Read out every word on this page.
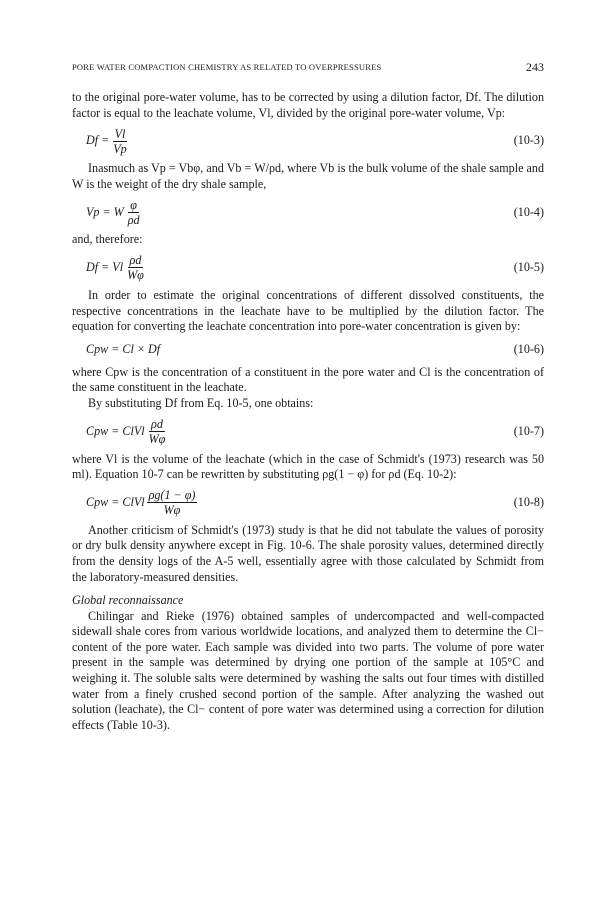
PORE WATER COMPACTION CHEMISTRY AS RELATED TO OVERPRESSURES	243

to the original pore-water volume, has to be corrected by using a dilution factor, Df. The dilution factor is equal to the leachate volume, Vl, divided by the original pore-water volume, Vp:

$Df = \frac{Vl}{Vp}$	(10-3)

Inasmuch as Vp = Vbφ, and Vb = W/ρd, where Vb is the bulk volume of the shale sample and W is the weight of the dry shale sample,

Vp = W $\frac{\varphi}{\rho d}$	(10-4)

and, therefore:

Df = Vl $\frac{\rho d}{W\varphi}$	(10-5)

In order to estimate the original concentrations of different dissolved constituents, the respective concentrations in the leachate have to be multiplied by the dilution factor. The equation for converting the leachate concentration into pore-water concentration is given by:

Cpw = Cl × Df	(10-6)

where Cpw is the concentration of a constituent in the pore water and Cl is the concentration of the same constituent in the leachate.

By substituting Df from Eq. 10-5, one obtains:

Cpw = ClVl $\frac{\rho d}{W\varphi}$	(10-7)

where Vl is the volume of the leachate (which in the case of Schmidt's (1973) research was 50 ml). Equation 10-7 can be rewritten by substituting ρg(1 − φ) for ρd (Eq. 10-2):

Cpw = ClVl $\frac{\rho g(1 - \varphi)}{W\varphi}$	(10-8)

Another criticism of Schmidt's (1973) study is that he did not tabulate the values of porosity or dry bulk density anywhere except in Fig. 10-6. The shale porosity values, determined directly from the density logs of the A-5 well, essentially agree with those calculated by Schmidt from the laboratory-measured densities.

Global reconnaissance

Chilingar and Rieke (1976) obtained samples of undercompacted and well-compacted sidewall shale cores from various worldwide locations, and analyzed them to determine the Cl− content of the pore water. Each sample was divided into two parts. The volume of pore water present in the sample was determined by drying one portion of the sample at 105°C and weighing it. The soluble salts were determined by washing the salts out four times with distilled water from a finely crushed second portion of the sample. After analyzing the washed out solution (leachate), the Cl− content of pore water was determined using a correction for dilution effects (Table 10-3).
